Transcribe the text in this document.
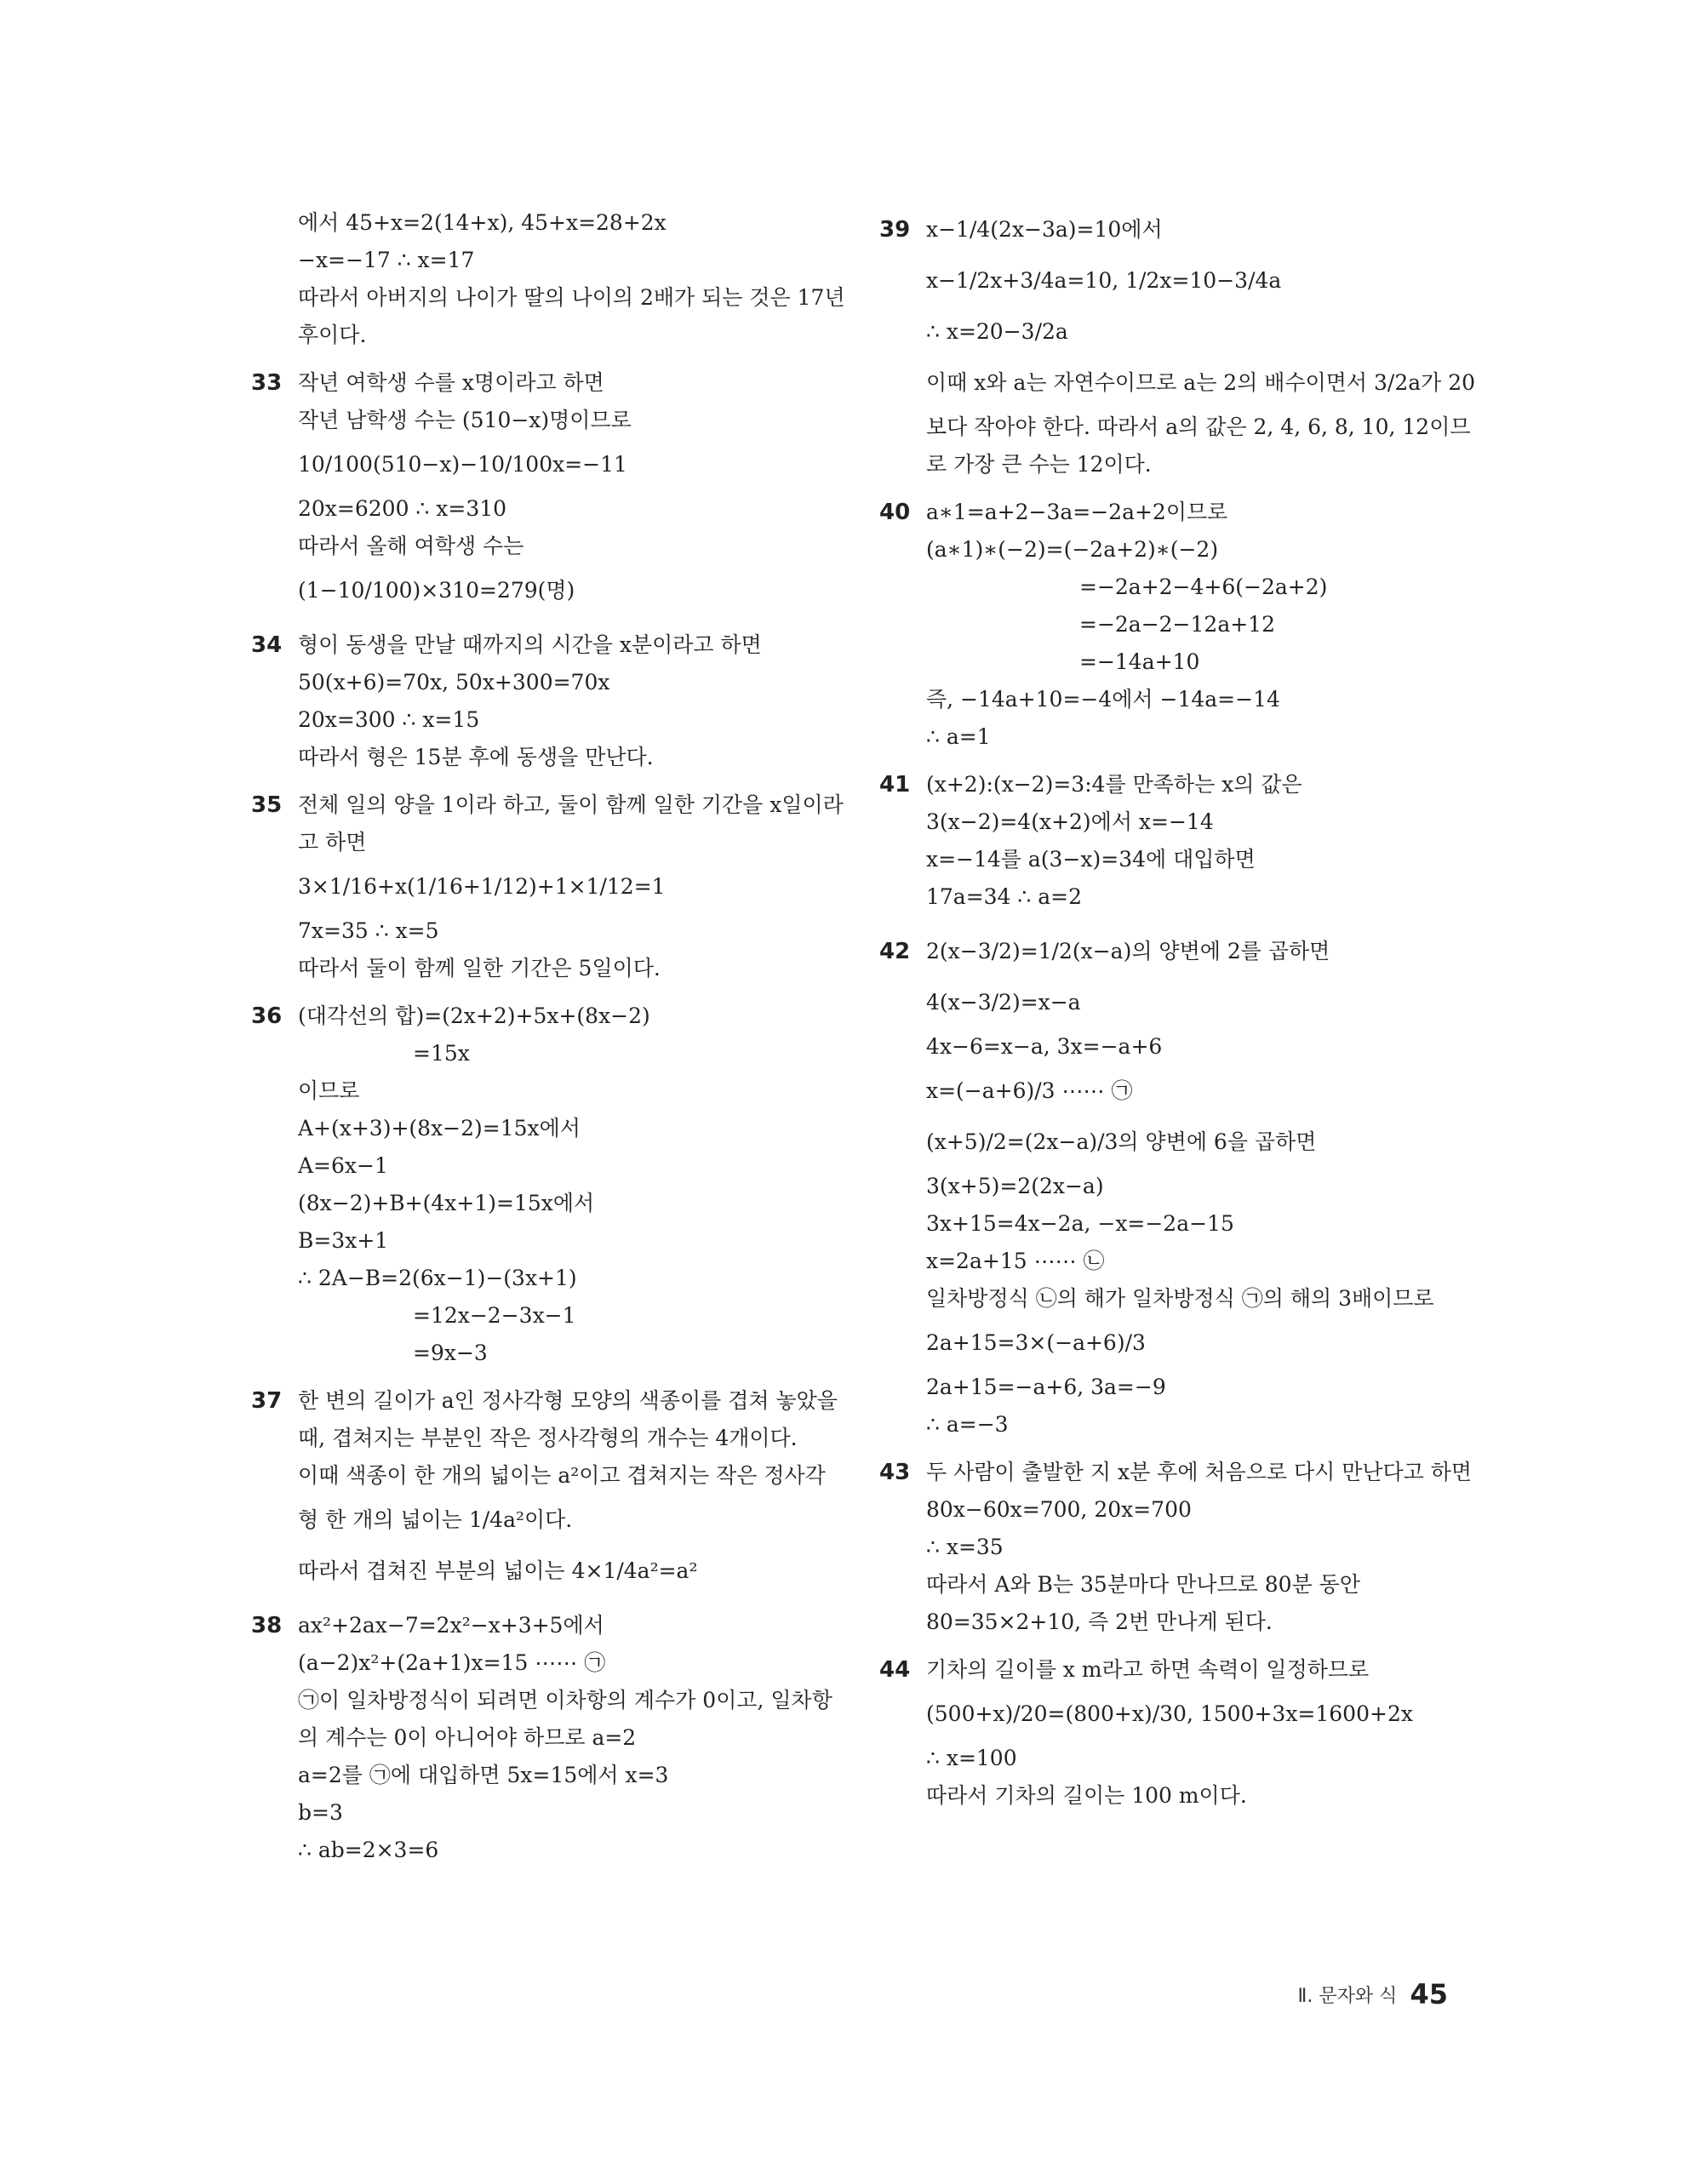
에서 45+x=2(14+x), 45+x=28+2x
−x=−17 ∴ x=17
따라서 아버지의 나이가 딸의 나이의 2배가 되는 것은 17년
후이다.
33 작년 여학생 수를 x명이라고 하면
작년 남학생 수는 (510−x)명이므로
10/100(510−x)−10/100x=−11
20x=6200 ∴ x=310
따라서 올해 여학생 수는
(1−10/100)×310=279(명)
34 형이 동생을 만날 때까지의 시간을 x분이라고 하면
50(x+6)=70x, 50x+300=70x
20x=300 ∴ x=15
따라서 형은 15분 후에 동생을 만난다.
35 전체 일의 양을 1이라 하고, 둘이 함께 일한 기간을 x일이라
고 하면
3×1/16+x(1/16+1/12)+1×1/12=1
7x=35 ∴ x=5
따라서 둘이 함께 일한 기간은 5일이다.
36 (대각선의 합)=(2x+2)+5x+(8x−2)
=15x
이므로
A+(x+3)+(8x−2)=15x에서
A=6x−1
(8x−2)+B+(4x+1)=15x에서
B=3x+1
∴ 2A−B=2(6x−1)−(3x+1)
=12x−2−3x−1
=9x−3
37 한 변의 길이가 a인 정사각형 모양의 색종이를 겹쳐 놓았을
때, 겹쳐지는 부분인 작은 정사각형의 개수는 4개이다.
이때 색종이 한 개의 넓이는 a²이고 겹쳐지는 작은 정사각
형 한 개의 넓이는 1/4a²이다.
따라서 겹쳐진 부분의 넓이는 4×1/4a²=a²
38 ax²+2ax−7=2x²−x+3+5에서
(a−2)x²+(2a+1)x=15 ⋯⋯ ㉠
㉠이 일차방정식이 되려면 이차항의 계수가 0이고, 일차항
의 계수는 0이 아니어야 하므로 a=2
a=2를 ㉠에 대입하면 5x=15에서 x=3
b=3
∴ ab=2×3=6
39 x−1/4(2x−3a)=10에서
x−1/2x+3/4a=10, 1/2x=10−3/4a
∴ x=20−3/2a
이때 x와 a는 자연수이므로 a는 2의 배수이면서 3/2a가 20
보다 작아야 한다. 따라서 a의 값은 2, 4, 6, 8, 10, 12이므
로 가장 큰 수는 12이다.
40 a∗1=a+2−3a=−2a+2이므로
(a∗1)∗(−2)=(−2a+2)∗(−2)
=−2a+2−4+6(−2a+2)
=−2a−2−12a+12
=−14a+10
즉, −14a+10=−4에서 −14a=−14
∴ a=1
41 (x+2):(x−2)=3:4를 만족하는 x의 값은
3(x−2)=4(x+2)에서 x=−14
x=−14를 a(3−x)=34에 대입하면
17a=34 ∴ a=2
42 2(x−3/2)=1/2(x−a)의 양변에 2를 곱하면
4(x−3/2)=x−a
4x−6=x−a, 3x=−a+6
x=(−a+6)/3 ⋯⋯ ㉠
(x+5)/2=(2x−a)/3의 양변에 6을 곱하면
3(x+5)=2(2x−a)
3x+15=4x−2a, −x=−2a−15
x=2a+15 ⋯⋯ ㉡
일차방정식 ㉡의 해가 일차방정식 ㉠의 해의 3배이므로
2a+15=3×(−a+6)/3
2a+15=−a+6, 3a=−9
∴ a=−3
43 두 사람이 출발한 지 x분 후에 처음으로 다시 만난다고 하면
80x−60x=700, 20x=700
∴ x=35
따라서 A와 B는 35분마다 만나므로 80분 동안
80=35×2+10, 즉 2번 만나게 된다.
44 기차의 길이를 x m라고 하면 속력이 일정하므로
(500+x)/20=(800+x)/30, 1500+3x=1600+2x
∴ x=100
따라서 기차의 길이는 100 m이다.
Ⅱ. 문자와 식 45
